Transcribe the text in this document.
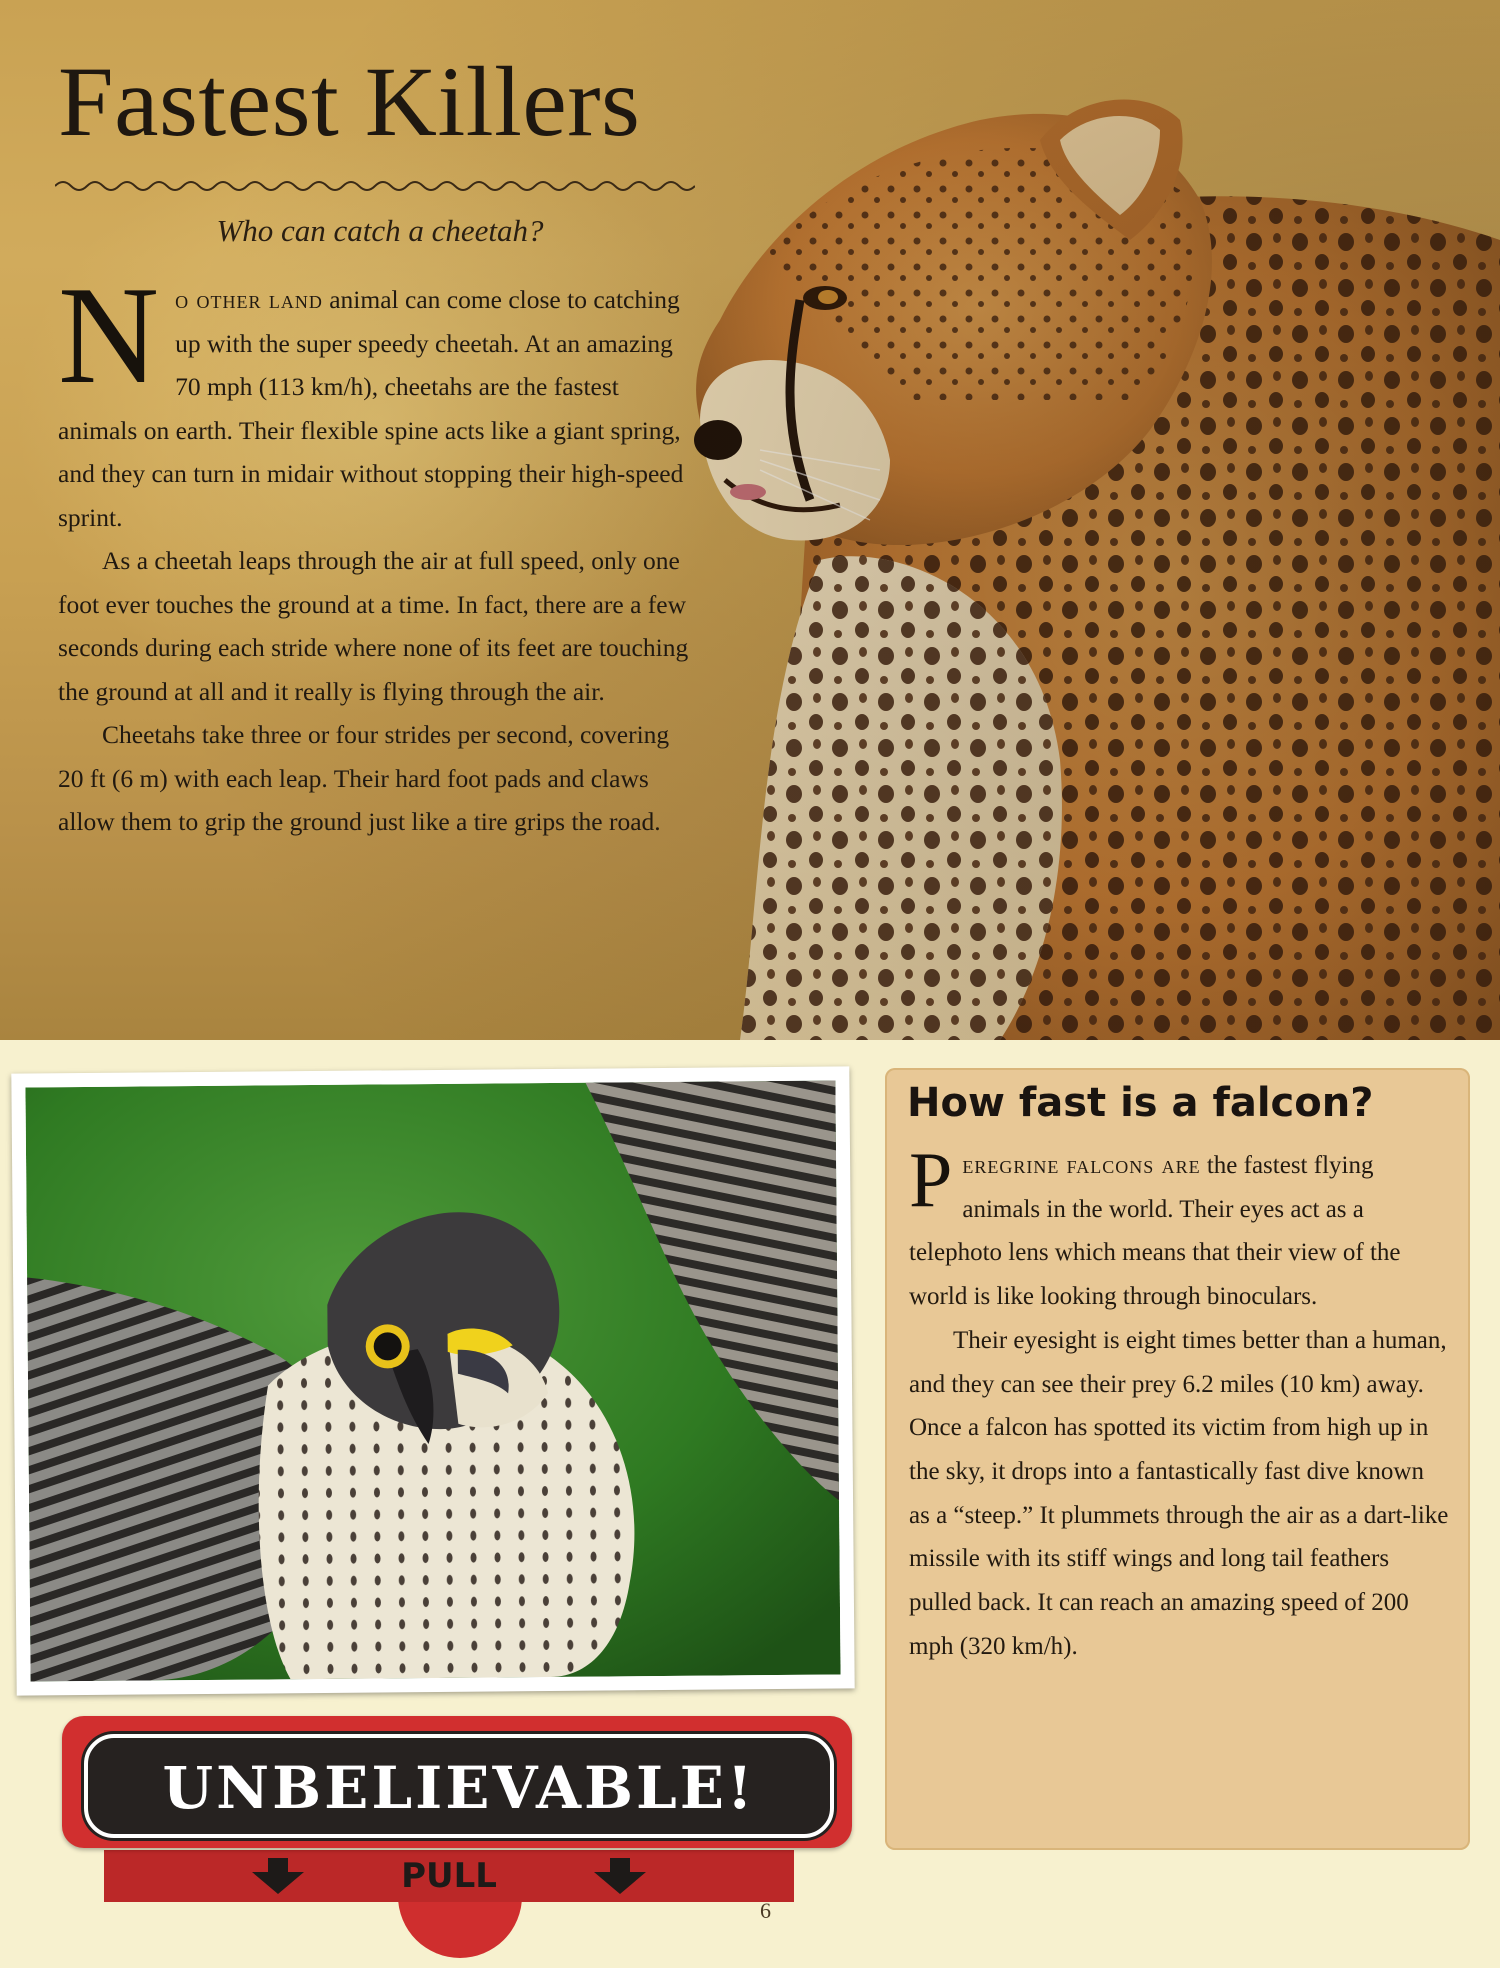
Fastest Killers
Who can catch a cheetah?

No other land animal can come close to catching up with the super speedy cheetah. At an amazing 70 mph (113 km/h), cheetahs are the fastest animals on earth. Their flexible spine acts like a giant spring, and they can turn in midair without stopping their high-speed sprint.

As a cheetah leaps through the air at full speed, only one foot ever touches the ground at a time. In fact, there are a few seconds during each stride where none of its feet are touching the ground at all and it really is flying through the air.

Cheetahs take three or four strides per second, covering 20 ft (6 m) with each leap. Their hard foot pads and claws allow them to grip the ground just like a tire grips the road.

How fast is a falcon?

Peregrine falcons are the fastest flying animals in the world. Their eyes act as a telephoto lens which means that their view of the world is like looking through binoculars.

Their eyesight is eight times better than a human, and they can see their prey 6.2 miles (10 km) away. Once a falcon has spotted its victim from high up in the sky, it drops into a fantastically fast dive known as a “steep.” It plummets through the air as a dart-like missile with its stiff wings and long tail feathers pulled back. It can reach an amazing speed of 200 mph (320 km/h).

PULL
UNBELIEVABLE!
6
